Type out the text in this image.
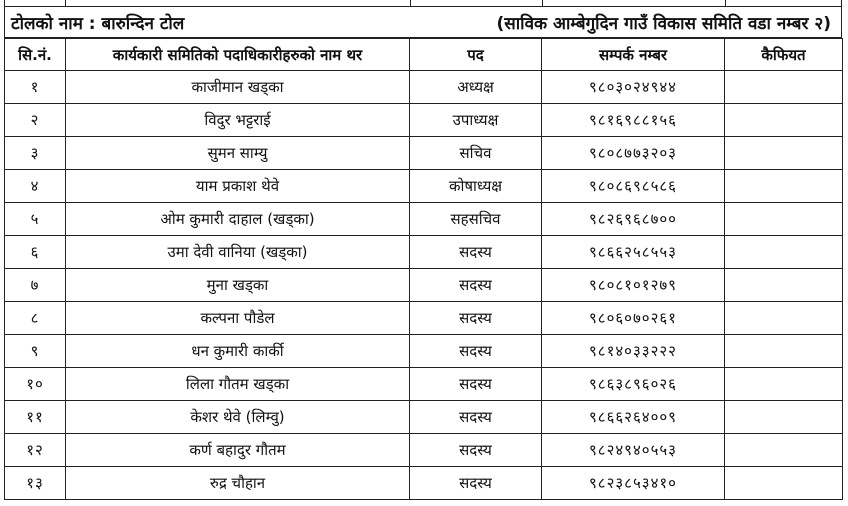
टोलको नाम : बारुन्दिन टोल	(साविक आम्बेगुदिन गाउँ विकास समिति वडा नम्बर २)
सि.नं.	कार्यकारी समितिको पदाधिकारीहरुको नाम थर	पद	सम्पर्क नम्बर	कैफियत
१	काजीमान खड्का	अध्यक्ष	९८०३०२४९४४	
२	विदुर भट्टराई	उपाध्यक्ष	९८१६९८८१५६	
३	सुमन साम्यु	सचिव	९८०८७७३२०३	
४	याम प्रकाश थेवे	कोषाध्यक्ष	९८०८६९८५८६	
५	ओम कुमारी दाहाल (खड्का)	सहसचिव	९८२६९६८७००	
६	उमा देवी वानिया (खड्का)	सदस्य	९८६६२५८५५३	
७	मुना खड्का	सदस्य	९८०८१०१२७९	
८	कल्पना पौडेल	सदस्य	९८०६०७०२६१	
९	धन कुमारी कार्की	सदस्य	९८१४०३३२२२	
१०	लिला गौतम खड्का	सदस्य	९८६३८९६०२६	
११	केशर थेवे (लिम्वु)	सदस्य	९८६६२६४००९	
१२	कर्ण बहादुर गौतम	सदस्य	९८२४९४०५५३	
१३	रुद्र चौहान	सदस्य	९८२३८५३४१०	
